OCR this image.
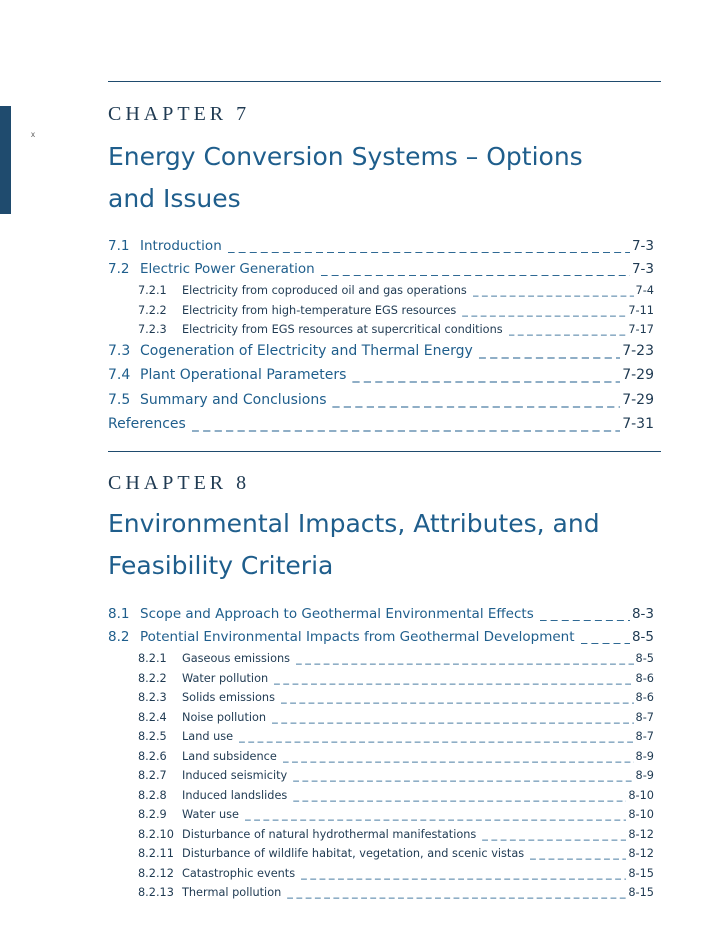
x
CHAPTER 7
Energy Conversion Systems – Options
and Issues
7.1 Introduction _ _ _	7-3
7.2 Electric Power Generation _ _ _	7-3
7.2.1	Electricity from coproduced oil and gas operations _ _ _	7-4
7.2.2	Electricity from high-temperature EGS resources _ _ _	7-11
7.2.3	Electricity from EGS resources at supercritical conditions _ _ _	7-17
7.3 Cogeneration of Electricity and Thermal Energy _ _ _	7-23
7.4 Plant Operational Parameters _ _ _	7-29
7.5 Summary and Conclusions _ _ _	7-29
References _ _ _	7-31
CHAPTER 8
Environmental Impacts, Attributes, and
Feasibility Criteria
8.1 Scope and Approach to Geothermal Environmental Effects _ _ _	8-3
8.2 Potential Environmental Impacts from Geothermal Development _ _ _	8-5
8.2.1	Gaseous emissions _ _ _	8-5
8.2.2	Water pollution _ _ _	8-6
8.2.3	Solids emissions _ _ _	8-6
8.2.4	Noise pollution _ _ _	8-7
8.2.5	Land use _ _ _	8-7
8.2.6	Land subsidence _ _ _	8-9
8.2.7	Induced seismicity _ _ _	8-9
8.2.8	Induced landslides _ _ _	8-10
8.2.9	Water use _ _ _	8-10
8.2.10 Disturbance of natural hydrothermal manifestations _ _ _	8-12
8.2.11 Disturbance of wildlife habitat, vegetation, and scenic vistas _ _ _	8-12
8.2.12 Catastrophic events _ _ _	8-15
8.2.13 Thermal pollution _ _ _	8-15
